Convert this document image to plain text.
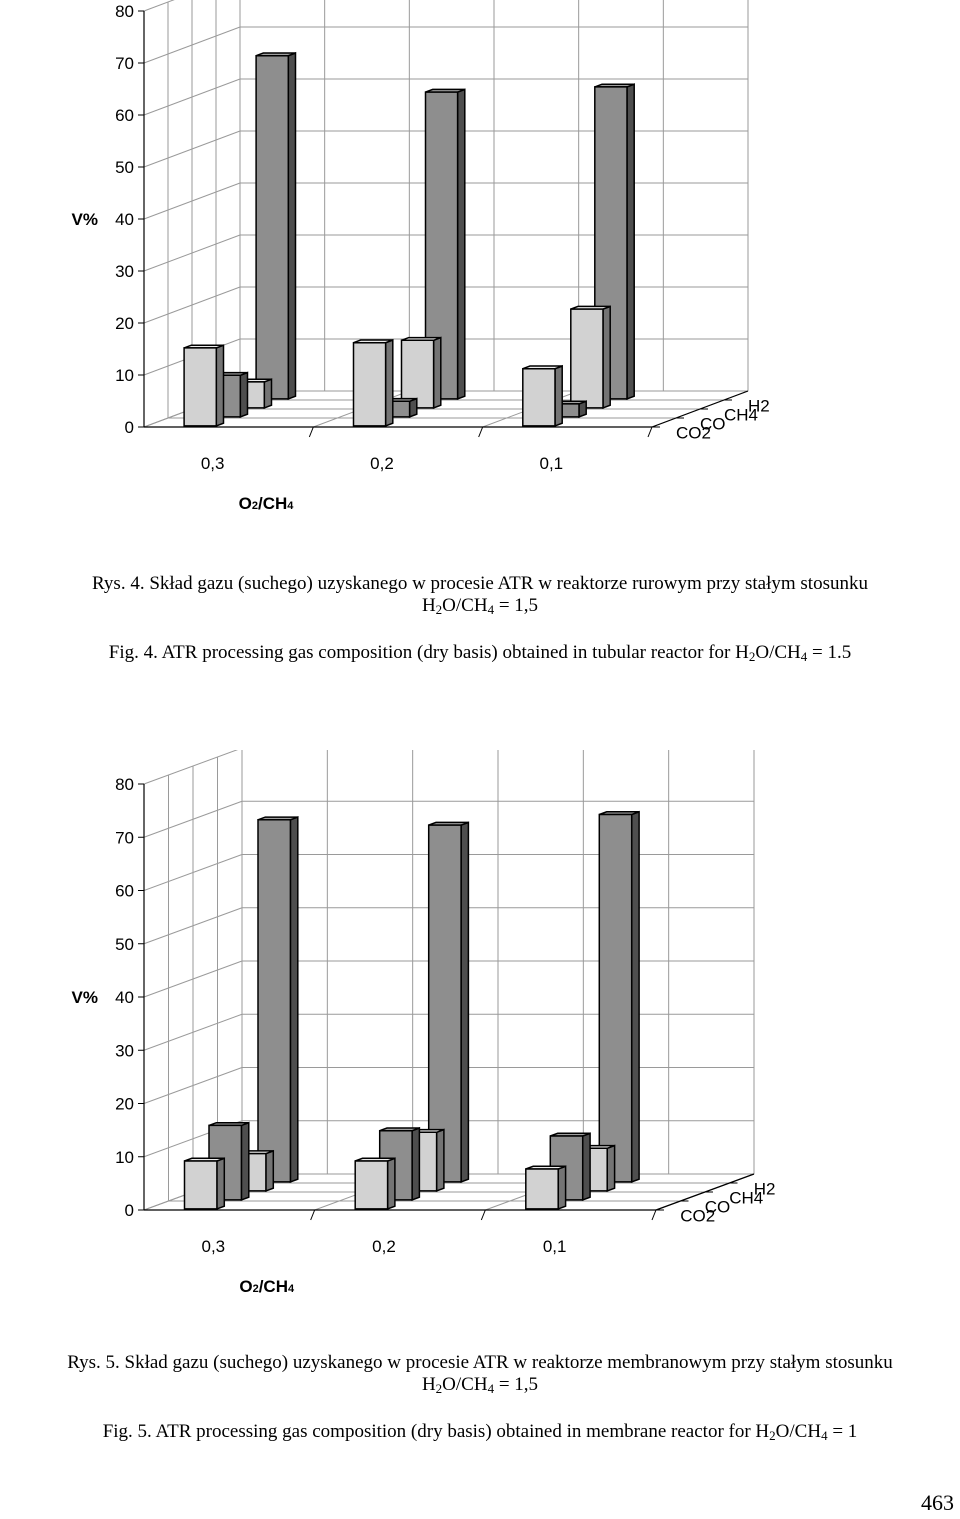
0
10
20
30
40
50
60
70
80
V%
0,3	0,2	0,1
O2/CH4
CO2
CO
CH4
H2
Rys. 4. Skład gazu (suchego) uzyskanego w procesie ATR w reaktorze rurowym przy stałym stosunku
$H_2O/CH_4 = 1,5$
Fig. 4. ATR processing gas composition (dry basis) obtained in tubular reactor for $H_2O/CH_4 = 1.5$
0
10
20
30
40
50
60
70
80
V%
0,3	0,2	0,1
O2/CH4
CO2
CO CH4
H2
Rys. 5. Skład gazu (suchego) uzyskanego w procesie ATR w reaktorze membranowym przy stałym stosunku
$H_2O/CH_4 = 1,5$
Fig. 5. ATR processing gas composition (dry basis) obtained in membrane reactor for $H_2O/CH_4 = 1$
463
